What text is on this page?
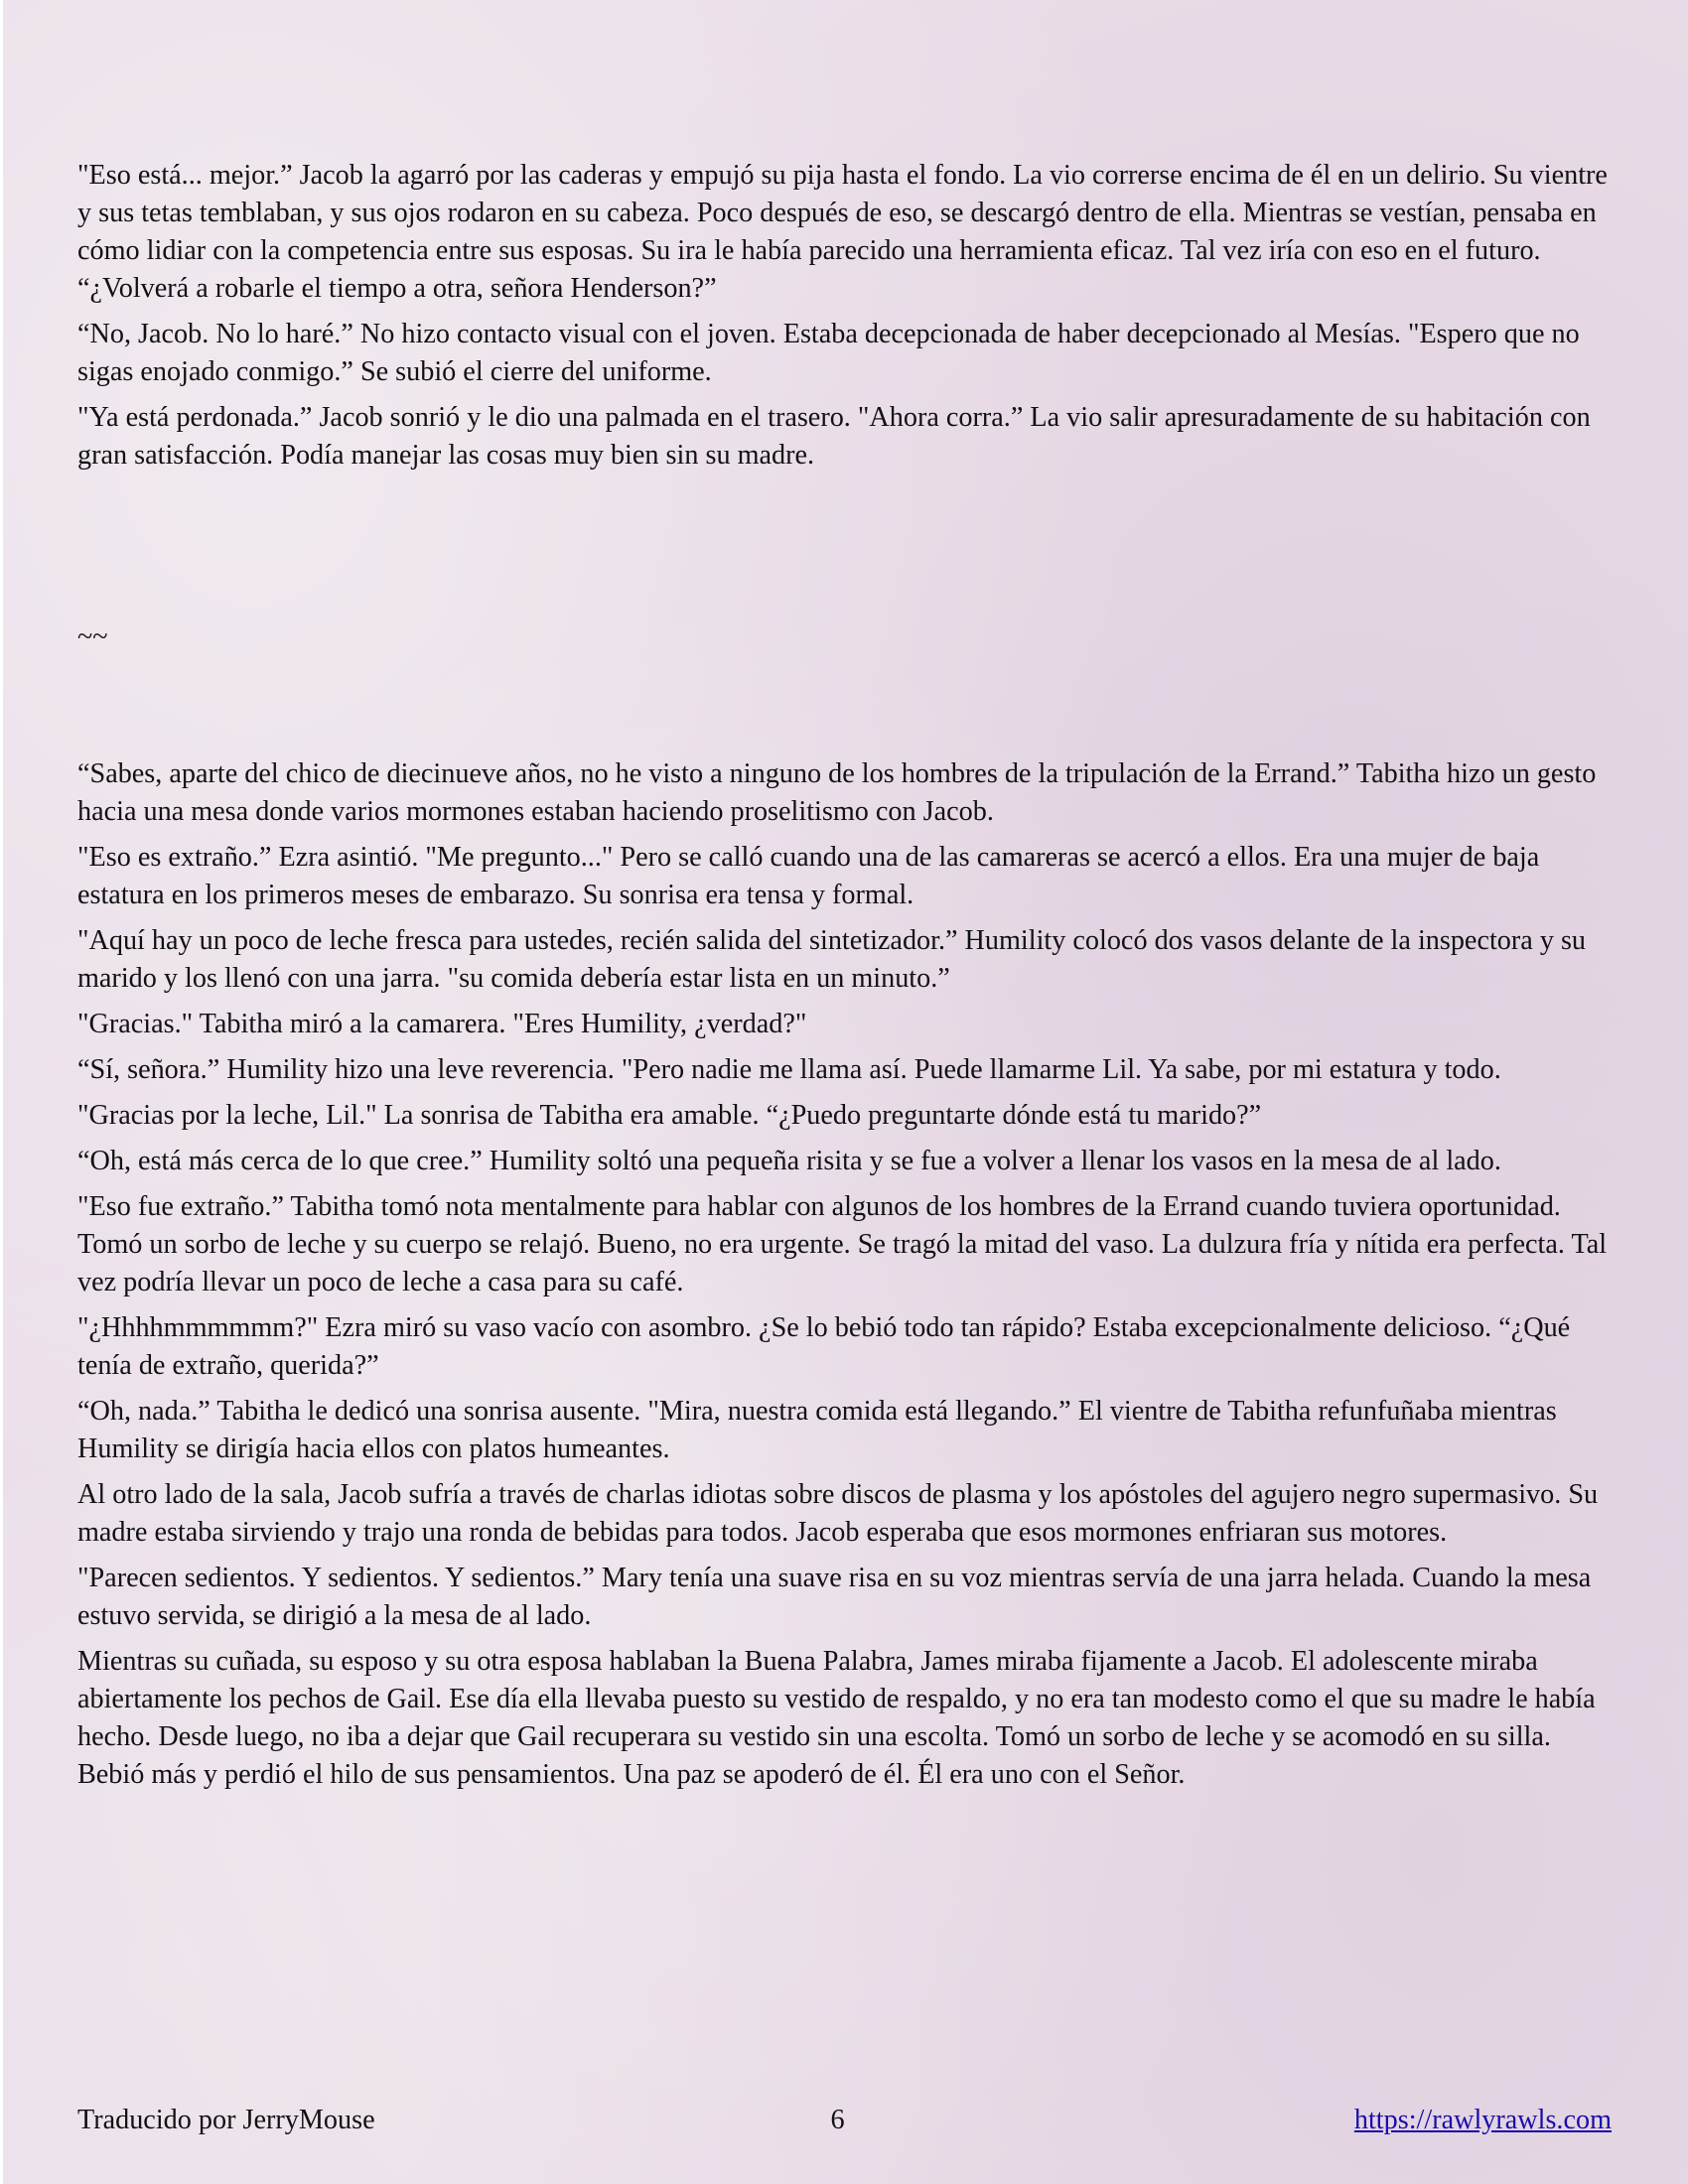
"Eso está... mejor.” Jacob la agarró por las caderas y empujó su pija hasta el fondo. La vio correrse encima de él en un delirio. Su vientre y sus tetas temblaban, y sus ojos rodaron en su cabeza. Poco después de eso, se descargó dentro de ella. Mientras se vestían, pensaba en cómo lidiar con la competencia entre sus esposas. Su ira le había parecido una herramienta eficaz. Tal vez iría con eso en el futuro. “¿Volverá a robarle el tiempo a otra, señora Henderson?”

“No, Jacob. No lo haré.” No hizo contacto visual con el joven. Estaba decepcionada de haber decepcionado al Mesías. "Espero que no sigas enojado conmigo.” Se subió el cierre del uniforme.

"Ya está perdonada.” Jacob sonrió y le dio una palmada en el trasero. "Ahora corra.” La vio salir apresuradamente de su habitación con gran satisfacción. Podía manejar las cosas muy bien sin su madre.

~~

“Sabes, aparte del chico de diecinueve años, no he visto a ninguno de los hombres de la tripulación de la Errand.” Tabitha hizo un gesto hacia una mesa donde varios mormones estaban haciendo proselitismo con Jacob.

"Eso es extraño.” Ezra asintió. "Me pregunto..." Pero se calló cuando una de las camareras se acercó a ellos. Era una mujer de baja estatura en los primeros meses de embarazo. Su sonrisa era tensa y formal.

"Aquí hay un poco de leche fresca para ustedes, recién salida del sintetizador.” Humility colocó dos vasos delante de la inspectora y su marido y los llenó con una jarra. "su comida debería estar lista en un minuto.”

"Gracias." Tabitha miró a la camarera. "Eres Humility, ¿verdad?"

“Sí, señora.” Humility hizo una leve reverencia. "Pero nadie me llama así. Puede llamarme Lil. Ya sabe, por mi estatura y todo.

"Gracias por la leche, Lil." La sonrisa de Tabitha era amable. “¿Puedo preguntarte dónde está tu marido?”

“Oh, está más cerca de lo que cree.” Humility soltó una pequeña risita y se fue a volver a llenar los vasos en la mesa de al lado.

"Eso fue extraño.” Tabitha tomó nota mentalmente para hablar con algunos de los hombres de la Errand cuando tuviera oportunidad. Tomó un sorbo de leche y su cuerpo se relajó. Bueno, no era urgente. Se tragó la mitad del vaso. La dulzura fría y nítida era perfecta. Tal vez podría llevar un poco de leche a casa para su café.

"¿Hhhhmmmmmm?" Ezra miró su vaso vacío con asombro. ¿Se lo bebió todo tan rápido? Estaba excepcionalmente delicioso. “¿Qué tenía de extraño, querida?”

“Oh, nada.” Tabitha le dedicó una sonrisa ausente. "Mira, nuestra comida está llegando.” El vientre de Tabitha refunfuñaba mientras Humility se dirigía hacia ellos con platos humeantes.

Al otro lado de la sala, Jacob sufría a través de charlas idiotas sobre discos de plasma y los apóstoles del agujero negro supermasivo. Su madre estaba sirviendo y trajo una ronda de bebidas para todos. Jacob esperaba que esos mormones enfriaran sus motores.

"Parecen sedientos. Y sedientos. Y sedientos.” Mary tenía una suave risa en su voz mientras servía de una jarra helada. Cuando la mesa estuvo servida, se dirigió a la mesa de al lado.

Mientras su cuñada, su esposo y su otra esposa hablaban la Buena Palabra, James miraba fijamente a Jacob. El adolescente miraba abiertamente los pechos de Gail. Ese día ella llevaba puesto su vestido de respaldo, y no era tan modesto como el que su madre le había hecho. Desde luego, no iba a dejar que Gail recuperara su vestido sin una escolta. Tomó un sorbo de leche y se acomodó en su silla. Bebió más y perdió el hilo de sus pensamientos. Una paz se apoderó de él. Él era uno con el Señor.

Traducido por JerryMouse	6	https://rawlyrawls.com
